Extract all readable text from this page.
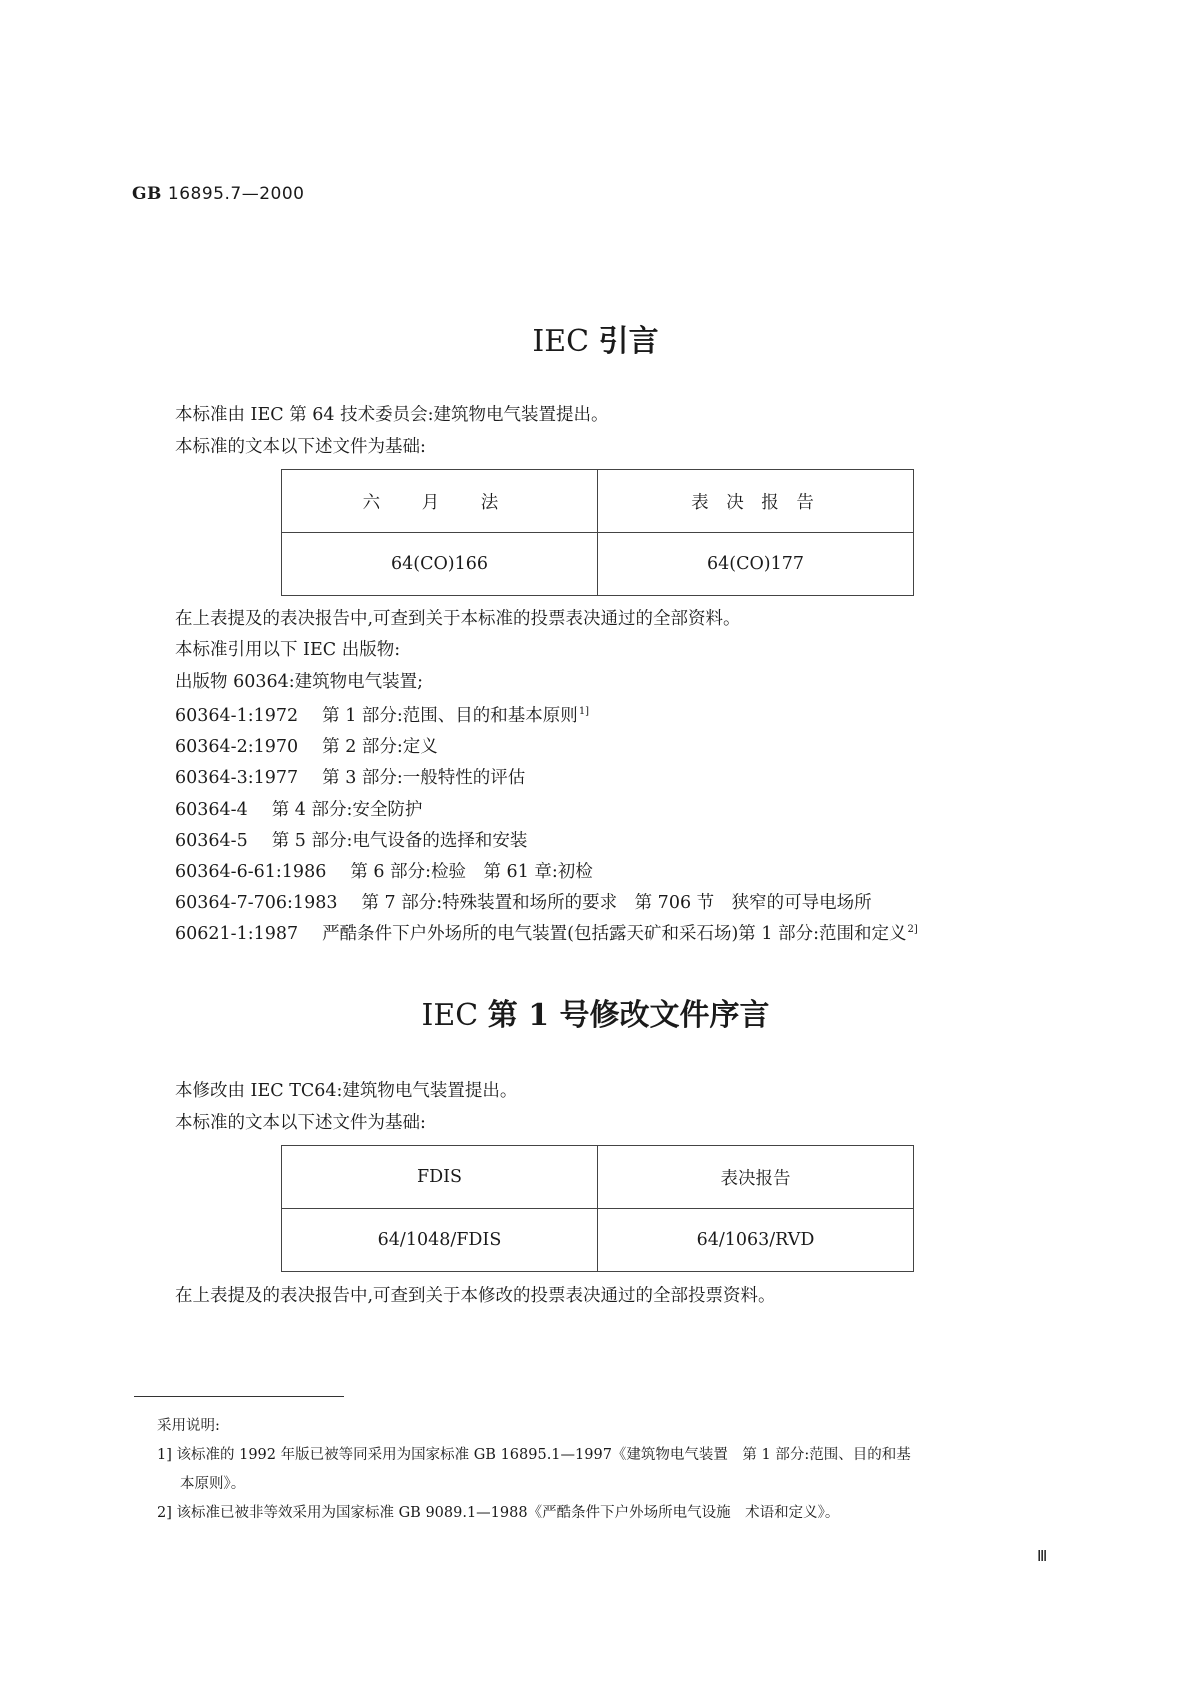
GB 16895.7—2000
IEC 引言
本标准由 IEC 第 64 技术委员会:建筑物电气装置提出。
本标准的文本以下述文件为基础:
六 月 法	表 决 报 告
64(CO)166	64(CO)177
在上表提及的表决报告中,可查到关于本标准的投票表决通过的全部资料。
本标准引用以下 IEC 出版物:
出版物 60364:建筑物电气装置;
60364-1:1972 第 1 部分:范围、目的和基本原则$^{1]}$
60364-2:1970 第 2 部分:定义
60364-3:1977 第 3 部分:一般特性的评估
60364-4 第 4 部分:安全防护
60364-5 第 5 部分:电气设备的选择和安装
60364-6-61:1986 第 6 部分:检验　第 61 章:初检
60364-7-706:1983 第 7 部分:特殊装置和场所的要求　第 706 节　狭窄的可导电场所
60621-1:1987 严酷条件下户外场所的电气装置(包括露天矿和采石场)第 1 部分:范围和定义$^{2]}$
IEC 第 1 号修改文件序言
本修改由 IEC TC64:建筑物电气装置提出。
本标准的文本以下述文件为基础:
FDIS	表决报告
64/1048/FDIS	64/1063/RVD
在上表提及的表决报告中,可查到关于本修改的投票表决通过的全部投票资料。
采用说明:
1] 该标准的 1992 年版已被等同采用为国家标准 GB 16895.1—1997《建筑物电气装置　第 1 部分:范围、目的和基
本原则》。
2] 该标准已被非等效采用为国家标准 GB 9089.1—1988《严酷条件下户外场所电气设施　术语和定义》。
Ⅲ
